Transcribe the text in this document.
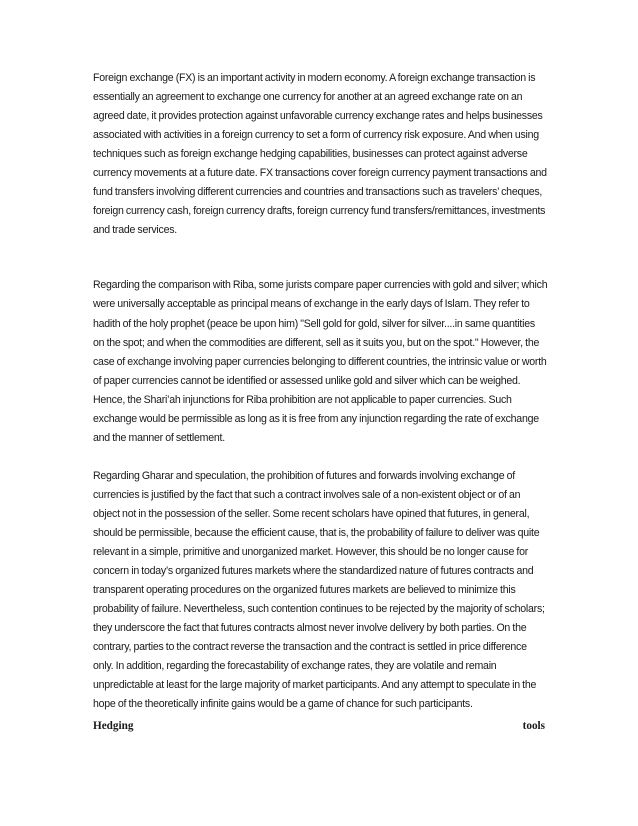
Foreign exchange (FX) is an important activity in modern economy. A foreign exchange transaction is essentially an agreement to exchange one currency for another at an agreed exchange rate on an agreed date, it provides protection against unfavorable currency exchange rates and helps businesses associated with activities in a foreign currency to set a form of currency risk exposure. And when using techniques such as foreign exchange hedging capabilities, businesses can protect against adverse currency movements at a future date. FX transactions cover foreign currency payment transactions and fund transfers involving different currencies and countries and transactions such as travelers’ cheques, foreign currency cash, foreign currency drafts, foreign currency fund transfers/remittances, investments and trade services.

Regarding the comparison with Riba, some jurists compare paper currencies with gold and silver; which were universally acceptable as principal means of exchange in the early days of Islam. They refer to hadith of the holy prophet (peace be upon him) "Sell gold for gold, silver for silver....in same quantities on the spot; and when the commodities are different, sell as it suits you, but on the spot." However, the case of exchange involving paper currencies belonging to different countries, the intrinsic value or worth of paper currencies cannot be identified or assessed unlike gold and silver which can be weighed. Hence, the Shari’ah injunctions for Riba prohibition are not applicable to paper currencies. Such exchange would be permissible as long as it is free from any injunction regarding the rate of exchange and the manner of settlement.

Regarding Gharar and speculation, the prohibition of futures and forwards involving exchange of currencies is justified by the fact that such a contract involves sale of a non-existent object or of an object not in the possession of the seller. Some recent scholars have opined that futures, in general, should be permissible, because the efficient cause, that is, the probability of failure to deliver was quite relevant in a simple, primitive and unorganized market. However, this should be no longer cause for concern in today’s organized futures markets where the standardized nature of futures contracts and transparent operating procedures on the organized futures markets are believed to minimize this probability of failure. Nevertheless, such contention continues to be rejected by the majority of scholars; they underscore the fact that futures contracts almost never involve delivery by both parties. On the contrary, parties to the contract reverse the transaction and the contract is settled in price difference only. In addition, regarding the forecastability of exchange rates, they are volatile and remain unpredictable at least for the large majority of market participants. And any attempt to speculate in the hope of the theoretically infinite gains would be a game of chance for such participants.

Hedging	tools
